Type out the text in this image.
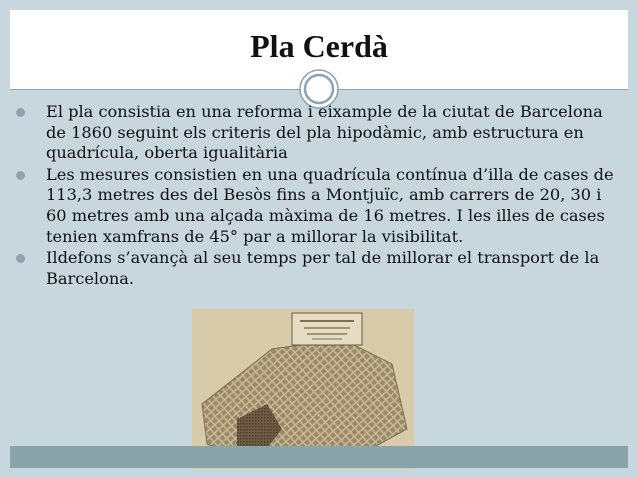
Pla Cerdà
El pla consistia en una reforma i eixample de la ciutat de Barcelona de 1860 seguint els criteris del pla hipodàmic, amb estructura en quadrícula, oberta igualitària
Les mesures consistien en una quadrícula contínua d’illa de cases de 113,3 metres des del Besòs fins a Montjuïc, amb carrers de 20, 30 i 60 metres amb una alçada màxima de 16 metres. I les illes de cases tenien xamfrans de 45° par a millorar la visibilitat.
Ildefons s’avançà al seu temps per tal de millorar el transport de la Barcelona.
